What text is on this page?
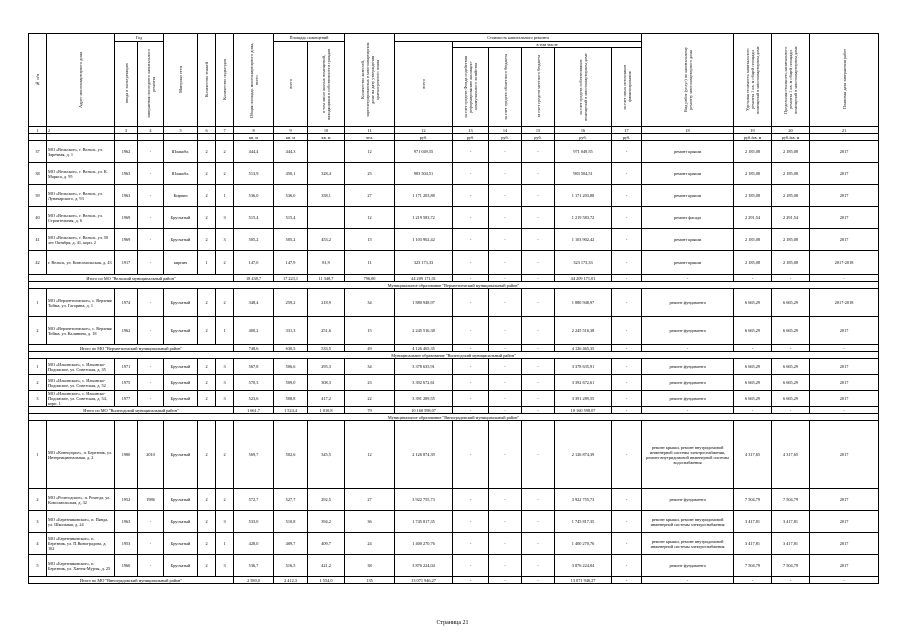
№ п/п	Адрес многоквартирного дома	Год		Материал стен	Количество этажей	Количество подъездов	Общая площадь многоквартирного дома, всего	Площадь помещений		Количество жителей, зарегистрированных в многоквартирном доме на дату утверждения краткосрочного плана	Стоимость капитального ремонта						Вид работ (услуг) по капитальному ремонту многоквартирного дома	Удельная стоимость капитального ремонта 1 кв. м общей площади помещений в многоквартирном доме	Предельная стоимость капитального ремонта 1 кв. м общей площади помещений в многоквартирном доме	Плановая дата завершения работ
		ввода в эксплуатацию	завершения последнего капитального ремонта					всего	в том числе жилых помещений, находящихся в собственности граждан		всего	в том числе								
												за счет средств Фонда содействия реформированию жилищно-коммунального хозяйства	за счет средств областного бюджета	за счет средств местного бюджета	за счет средств собственников помещений в многоквартирном доме	за счет иных источников финансирования				
1	2	3	4	5	6	7	8	9	10	11	12	13	14	15	16	17	18	19	20	21
							кв. м	кв. м	кв. м	чел.	руб.	руб.	руб.	руб.	руб.	руб.		руб./кв. м	руб./кв. м	
37	МО «Вельское», г. Вельск, ул. Заречная, д. 1	1962	-	Шлакобл.	2	2	444,4	444,3		12	971 049,55	-	-	-	971 049,55	-	ремонт крыши	2 185,08	2 185,08	2017
38	МО «Вельское», г. Вельск, ул. К. Маркса, д. 95	1963	-	Шлакобл.	2	2	513,9	450,1	328,4	25	983 504,51	-	-	-	983 504,51	-	ремонт крыши	2 185,08	2 185,08	2017
39	МО «Вельское», г. Вельск, ул. Луначарского, д. 93	1963	-	Кирпич	2	1	536,0	536,0	358,1	27	1 171 203,88	-	-	-	1 171 203,88	-	ремонт крыши	2 185,08	2 185,08	2017
40	МО «Вельское», г. Вельск, ул. Строительная, д. 6	1969	-	Брусчатый	2	3	515,4	515,4		12	1 219 583,72	-	-	-	1 219 583,72	-	ремонт фасада	2 291,54	2 291,54	2017
41	МО «Вельское», г. Вельск, ул. 50 лет Октября, д. 41, корп. 2	1969	-	Брусчатый	2	3	505,2	505,2	453,2	15	1 103 902,42	-	-	-	1 103 902,42	-	ремонт крыши	2 185,08	2 185,08	2017
42	г. Вельск, ул. Комсомольская, д. 43	1917	-	кирпич	1	2	147,0	147,9	81,9	11	323 173,33	-	-	-	323 173,33	-	ремонт крыши	2 185,08	2 185,08	2017-2018
Итого по МО "Вельский муниципальный район"							18 438,7	17 223,1	11 348,7	796,00	44 209 171,01	-	-	-	44 209 171,01	-	-	-	-	-
Муниципальное образование "Верхнетоемский муниципальный район"																				
1	МО «Верхнетоемское», с. Верхняя Тойма, ул. Гагарина, д. 1	1974	-	Брусчатый	2	2	348,4	259,2	218,9	34	1 880 948,97	-	-	-	1 880 948,97	-	ремонт фундамента	6 665,29	6 665,29	2017-2018
2	МО «Верхнетоемское», с. Верхняя Тойма, ул. Калинина, д. 18	1962	-	Брусчатый	2	1	400,2	331,3	251,6	15	2 245 516,38	-	-	-	2 245 516,38	-	ремонт фундамента	6 665,29	6 665,29	2017
Итого по МО "Верхнетоемский муниципальный район"							748,6	630,5	533,5	49	4 126 465,35	-	-	-	4 126 465,35	-	-	-	-	-
Муниципальное образование "Вилегодский муниципальный район"																				
1	МО «Ильинское», с. Ильинско-Подомское, ул. Советская, д. 35	1971	-	Брусчатый	2	3	567,8	506,6	295,3	34	3 378 635,91	-	-	-	3 378 635,91	-	ремонт фундамента	6 665,29	6 665,29	2017
2	МО «Ильинское», с. Ильинско-Подомское, ул. Советская, д. 52	1975	-	Брусчатый	2	3	570,3	509,0	308,3	23	3 392 672,61	-	-	-	3 392 672,61	-	ремонт фундамента	6 665,29	6 665,29	2017
3	МО «Ильинское», с. Ильинско-Подомское, ул. Советская, д. 54, корп. 1	1977	-	Брусчатый	2	3	523,6	508,8	417,2	22	3 391 289,55	-	-	-	3 391 289,55	-	ремонт фундамента	6 665,29	6 665,29	2017
Итого по МО "Вилегодский муниципальный район"							1 661,7	1 524,4	1 010,8	79	10 160 598,07	-	-	-	10 160 598,07	-	-	-	-	-
Муниципальное образование "Виноградовский муниципальный район"																				
1	МО «Конецгорье», п. Березник, ул. Интернациональная, д. 2	1980	2010	Брусчатый	2	2	569,7	502,6	345,5	12	2 126 874,39	-	-	-	2 126 874,39	-	ремонт крыши, ремонт внутридомовой инженерной системы электроснабжения, ремонт внутридомовой инженерной системы водоснабжения	4 317,65	4 317,65	2017
2	МО «Рочегодское», п. Рочегда, ул. Комсомольская, д. 32	1952	1986	Брусчатый	2	2	572,7	527,7	292,5	27	3 922 755,73	-	-	-	3 922 755,73	-	ремонт фундамента	7 504,79	7 504,79	2017
3	МО «Березниковское», п. Пянда, ул. Школьная, д. 24	1963	-	Брусчатый	2	3	533,0	510,8	394,2	36	1 745 817,35	-	-	-	1 745 817,35	-	ремонт крыши, ремонт внутридомовой инженерной системы электроснабжения	3 417,81	3 417,81	2017
4	МО «Березниковское», п. Березник, ул. П.Виноградова, д. 102	1953	-	Брусчатый	2	1	428,0	409,7	409,7	24	1 400 270,76	-	-	-	1 400 270,76	-	ремонт крыши, ремонт внутридомовой инженерной системы электроснабжения	3 417,81	3 417,81	2017
5	МО «Березниковское», п. Березник, ул. Ханты-Мурзы, д. 25	1960	-	Брусчатый	2	3	536,7	516,5	421,2	38	3 876 224,04	-	-	-	3 876 224,04	-	ремонт фундамента	7 504,79	7 504,79	2017
Итого по МО "Виноградовский муниципальный район"							2 580,0	2 412,3	1 554,0	135	13 071 946,27	-	-	-	13 071 946,27	-	-	-	-	-
Страница 21
